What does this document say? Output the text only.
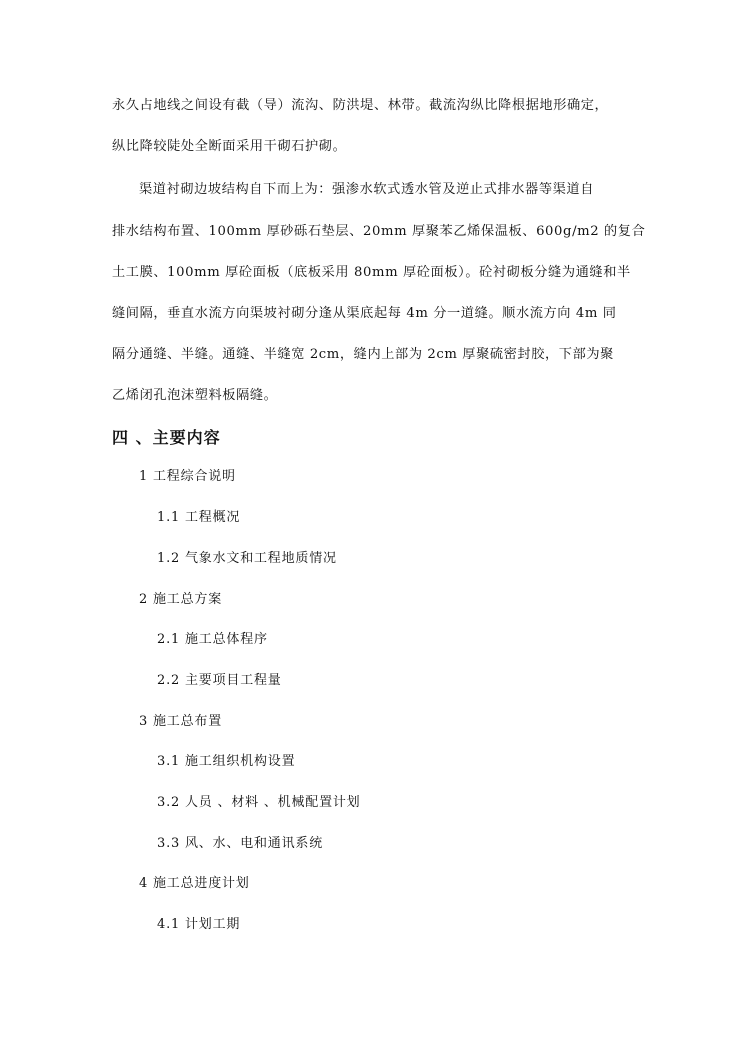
永久占地线之间设有截（导）流沟、防洪堤、林带。截流沟纵比降根据地形确定，
纵比降较陡处全断面采用干砌石护砌。
渠道衬砌边坡结构自下而上为：强渗水软式透水管及逆止式排水器等渠道自
排水结构布置、100mm 厚砂砾石垫层、20mm 厚聚苯乙烯保温板、600g/m2 的复合
土工膜、100mm 厚砼面板（底板采用 80mm 厚砼面板）。砼衬砌板分缝为通缝和半
缝间隔，垂直水流方向渠坡衬砌分逢从渠底起每 4m 分一道缝。顺水流方向 4m 同
隔分通缝、半缝。通缝、半缝宽 2cm，缝内上部为 2cm 厚聚硫密封胶，下部为聚
乙烯闭孔泡沫塑料板隔缝。
四 、主要内容
1 工程综合说明
1.1 工程概况
1.2 气象水文和工程地质情况
2 施工总方案
2.1 施工总体程序
2.2 主要项目工程量
3 施工总布置
3.1 施工组织机构设置
3.2 人员 、材料 、机械配置计划
3.3 风、水、电和通讯系统
4 施工总进度计划
4.1 计划工期
